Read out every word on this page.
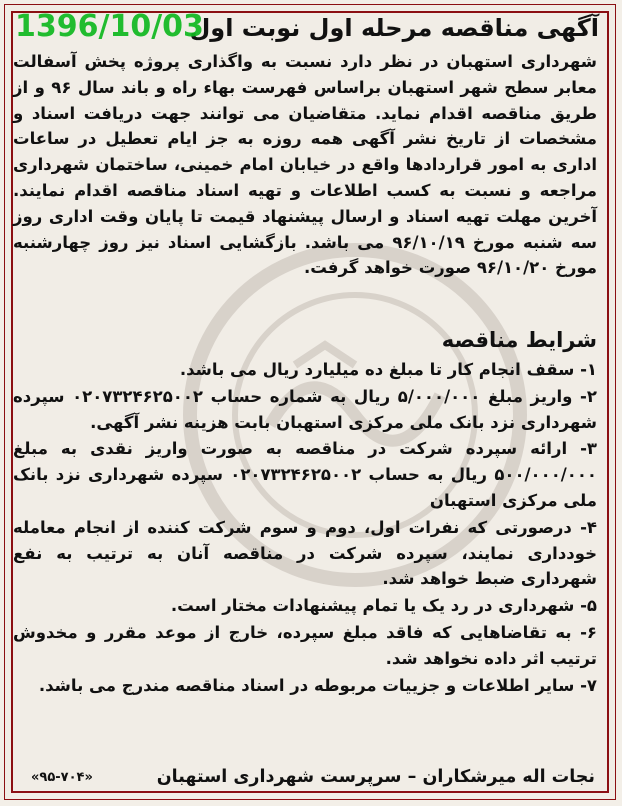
1396/10/03
آگهی مناقصه مرحله اول نوبت اول
شهرداری استهبان در نظر دارد نسبت به واگذاری پروژه پخش آسفالت معابر سطح شهر استهبان براساس فهرست بهاء راه و باند سال ۹۶ و از طریق مناقصه اقدام نماید. متقاضیان می توانند جهت دریافت اسناد و مشخصات از تاریخ نشر آگهی همه روزه به جز ایام تعطیل در ساعات اداری به امور قراردادها واقع در خیابان امام خمینی، ساختمان شهرداری مراجعه و نسبت به کسب اطلاعات و تهیه اسناد مناقصه اقدام نمایند. آخرین مهلت تهیه اسناد و ارسال پیشنهاد قیمت تا پایان وقت اداری روز سه شنبه مورخ ۹۶/۱۰/۱۹ می باشد. بازگشایی اسناد نیز روز چهارشنبه مورخ ۹۶/۱۰/۲۰ صورت خواهد گرفت.
شرایط مناقصه
۱- سقف انجام کار تا مبلغ ده میلیارد ریال می باشد.
۲- واریز مبلغ ۵/۰۰۰/۰۰۰ ریال به شماره حساب ۰۲۰۷۳۲۴۶۲۵۰۰۲ سپرده شهرداری نزد بانک ملی مرکزی استهبان بابت هزینه نشر آگهی.
۳- ارائه سپرده شرکت در مناقصه به صورت واریز نقدی به مبلغ ۵۰۰/۰۰۰/۰۰۰ ریال به حساب ۰۲۰۷۳۲۴۶۲۵۰۰۲ سپرده شهرداری نزد بانک ملی مرکزی استهبان
۴- درصورتی که نفرات اول، دوم و سوم شرکت کننده از انجام معامله خودداری نمایند، سپرده شرکت در مناقصه آنان به ترتیب به نفع شهرداری ضبط خواهد شد.
۵- شهرداری در رد یک یا تمام پیشنهادات مختار است.
۶- به تقاضاهایی که فاقد مبلغ سپرده، خارج از موعد مقرر و مخدوش ترتیب اثر داده نخواهد شد.
۷- سایر اطلاعات و جزییات مربوطه در اسناد مناقصه مندرج می باشد.
نجات اله میرشکاران – سرپرست شهرداری استهبان
«۹۵-۷۰۴»
